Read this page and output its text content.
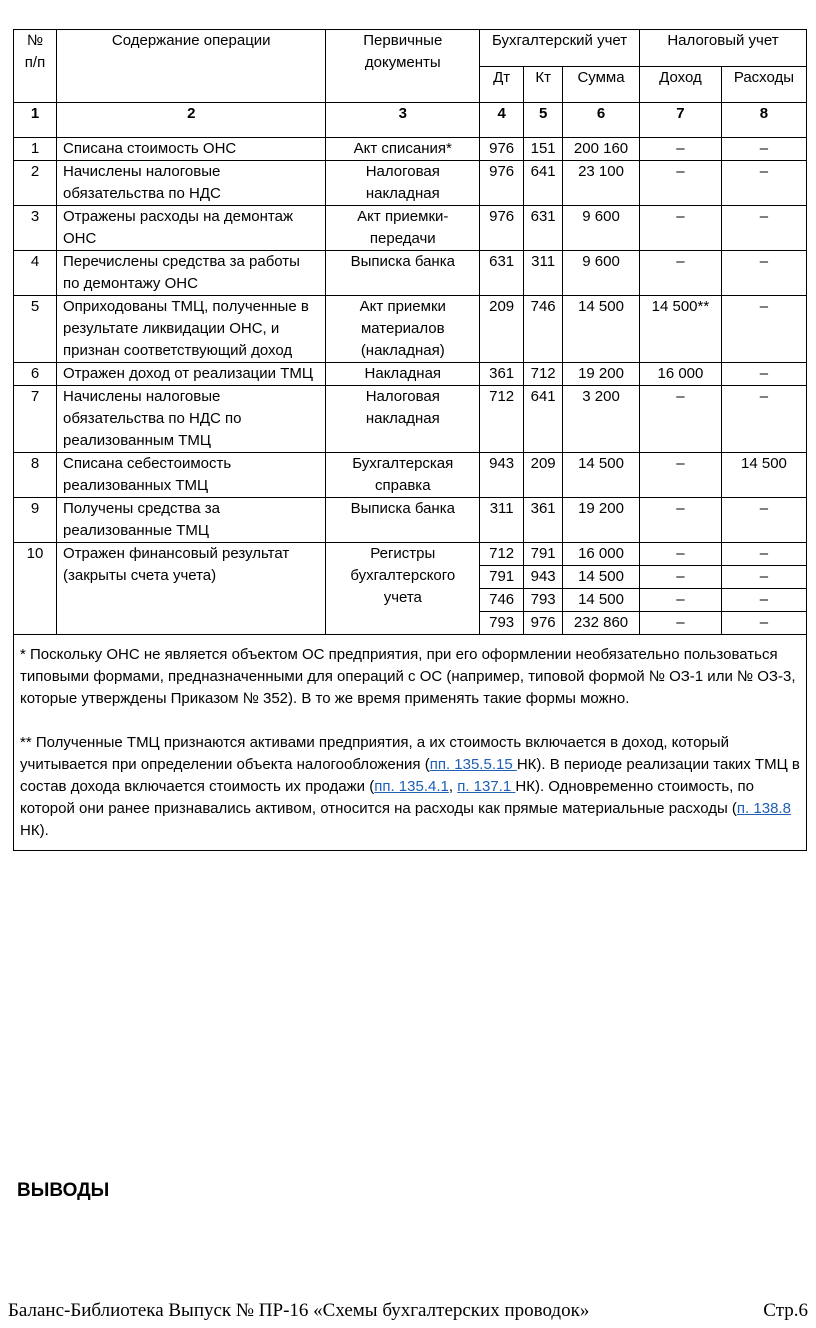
№ п/п	Содержание операции	Первичные документы	Бухгалтерский учет			Налоговый учет	
			Дт	Кт	Сумма	Доход	Расходы
1	2	3	4	5	6	7	8
1	Списана стоимость ОНС	Акт списания*	976	151	200 160	–	–
2	Начислены налоговые обязательства по НДС	Налоговая накладная	976	641	23 100	–	–
3	Отражены расходы на демонтаж ОНС	Акт приемки-передачи	976	631	9 600	–	–
4	Перечислены средства за работы по демонтажу ОНС	Выписка банка	631	311	9 600	–	–
5	Оприходованы ТМЦ, полученные в результате ликвидации ОНС, и признан соответствующий доход	Акт приемки материалов (накладная)	209	746	14 500	14 500**	–
6	Отражен доход от реализации ТМЦ	Накладная	361	712	19 200	16 000	–
7	Начислены налоговые обязательства по НДС по реализованным ТМЦ	Налоговая накладная	712	641	3 200	–	–
8	Списана себестоимость реализованных ТМЦ	Бухгалтерская справка	943	209	14 500	–	14 500
9	Получены средства за реализованные ТМЦ	Выписка банка	311	361	19 200	–	–
10	Отражен финансовый результат (закрыты счета учета)	Регистры бухгалтерского учета	712	791	16 000	–	–
			791	943	14 500	–	–
			746	793	14 500	–	–
			793	976	232 860	–	–

* Поскольку ОНС не является объектом ОС предприятия, при его оформлении необязательно пользоваться типовыми формами, предназначенными для операций с ОС (например, типовой формой № ОЗ-1 или № ОЗ-3, которые утверждены Приказом № 352). В то же время применять такие формы можно.

** Полученные ТМЦ признаются активами предприятия, а их стоимость включается в доход, который учитывается при определении объекта налогообложения (пп. 135.5.15 НК). В периоде реализации таких ТМЦ в состав дохода включается стоимость их продажи (пп. 135.4.1, п. 137.1 НК). Одновременно стоимость, по которой они ранее признавались активом, относится на расходы как прямые материальные расходы (п. 138.8 НК).							

ВЫВОДЫ
Баланс-Библиотека Выпуск № ПР-16 «Схемы бухгалтерских проводок»	Стр.6
